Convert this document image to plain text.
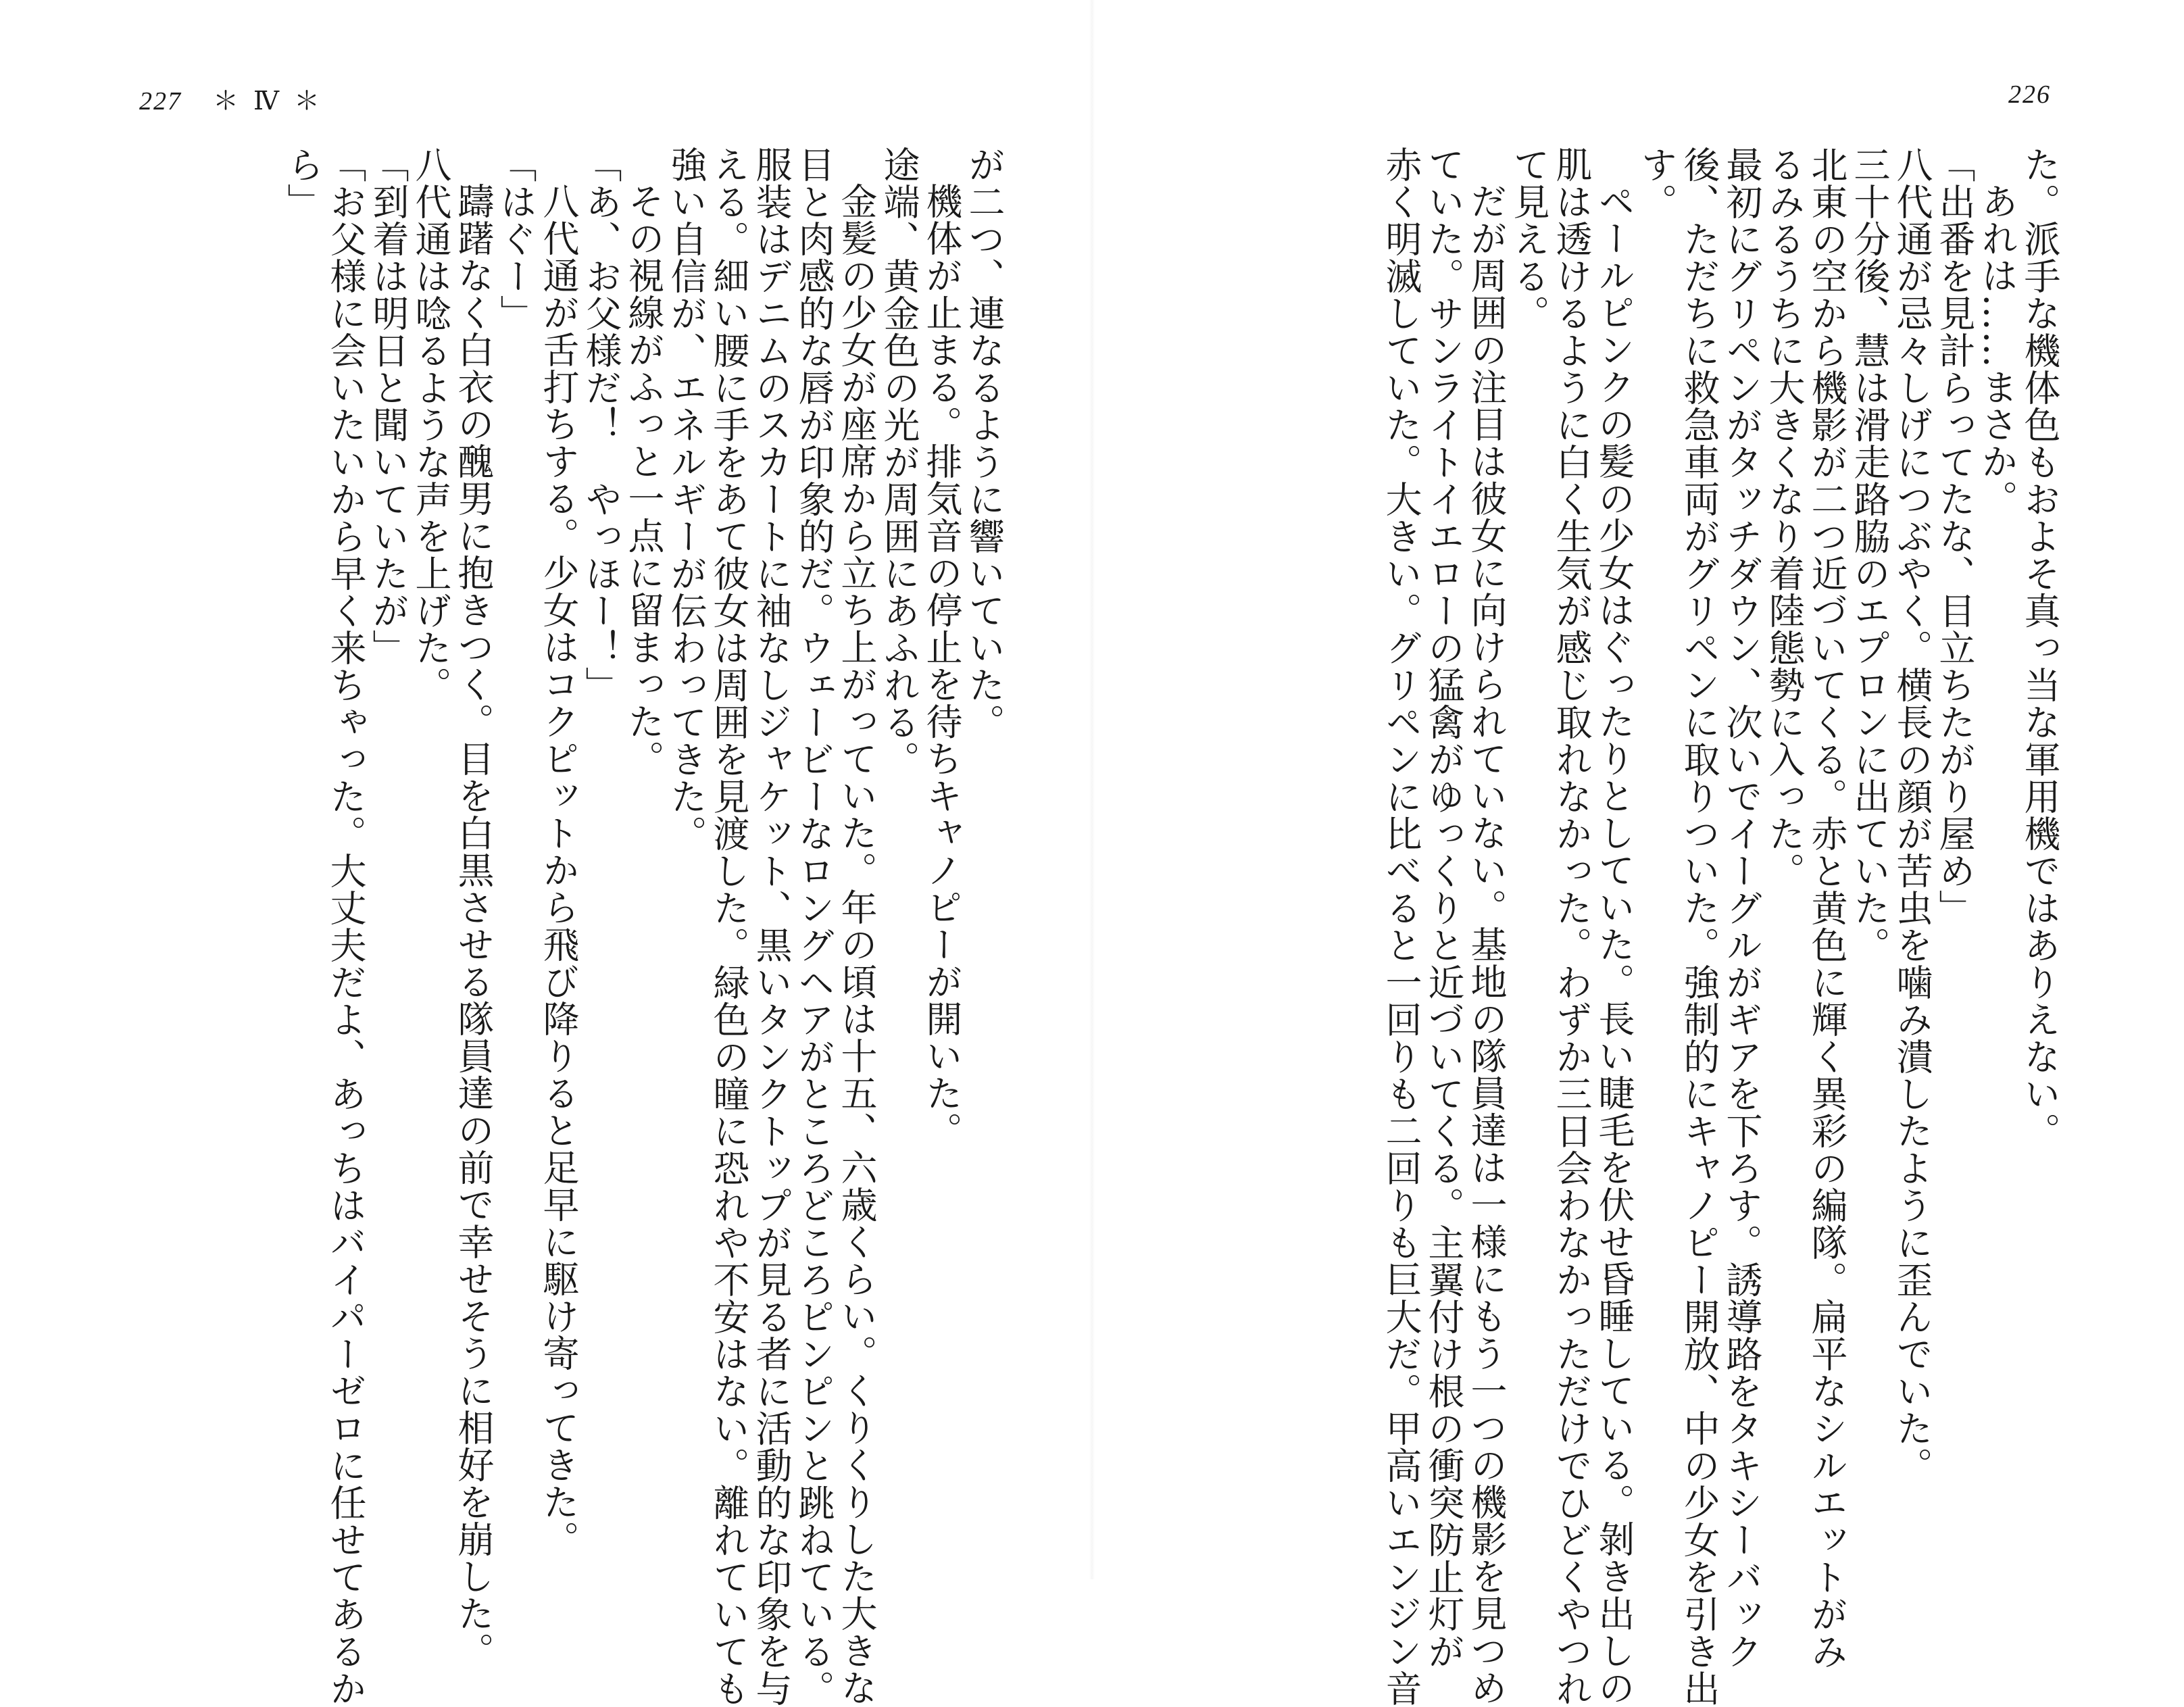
227 ＊ Ⅳ ＊

が二つ、連なるように響いていた。

機体が止まる。排気音の停止を待ちキャノピーが開いた。

途端、黄金色の光が周囲にあふれる。

金髪の少女が座席から立ち上がっていた。年の頃は十五、六歳くらい。くりくりした大きな

目と肉感的な唇が印象的だ。ウェービーなロングヘアがところどころピンピンと跳ねている。

服装はデニムのスカートに袖なしジャケット、黒いタンクトップが見る者に活動的な印象を与

える。細い腰に手をあて彼女は周囲を見渡した。緑色の瞳に恐れや不安はない。離れていても

強い自信が、エネルギーが伝わってきた。

その視線がふっと一点に留まった。

「あ、お父様だ！　やっほー！」

八代通が舌打ちする。少女はコクピットから飛び降りると足早に駆け寄ってきた。

「はぐー」

躊躇なく白衣の醜男に抱きつく。目を白黒させる隊員達の前で幸せそうに相好を崩した。

八代通は唸るような声を上げた。

「到着は明日と聞いていたが」

「お父様に会いたいから早く来ちゃった。大丈夫だよ、あっちはバイパーゼロに任せてあるか

ら」

226

た。派手な機体色もおよそ真っ当な軍用機ではありえない。

あれは……まさか。

「出番を見計らってたな、目立ちたがり屋め」

八代通が忌々しげにつぶやく。横長の顔が苦虫を噛み潰したように歪んでいた。

三十分後、慧は滑走路脇のエプロンに出ていた。

北東の空から機影が二つ近づいてくる。赤と黄色に輝く異彩の編隊。扁平なシルエットがみ

るみるうちに大きくなり着陸態勢に入った。

最初にグリペンがタッチダウン、次いでイーグルがギアを下ろす。誘導路をタキシーバック

後、ただちに救急車両がグリペンに取りついた。強制的にキャノピー開放、中の少女を引き出

す。

ペールピンクの髪の少女はぐったりとしていた。長い睫毛を伏せ昏睡している。剝き出しの

肌は透けるように白く生気が感じ取れなかった。わずか三日会わなかっただけでひどくやつれ

て見える。

だが周囲の注目は彼女に向けられていない。基地の隊員達は一様にもう一つの機影を見つめ

ていた。サンライトイエローの猛禽がゆっくりと近づいてくる。主翼付け根の衝突防止灯が

赤く明滅していた。大きい。グリペンに比べると一回りも二回りも巨大だ。甲高いエンジン音
